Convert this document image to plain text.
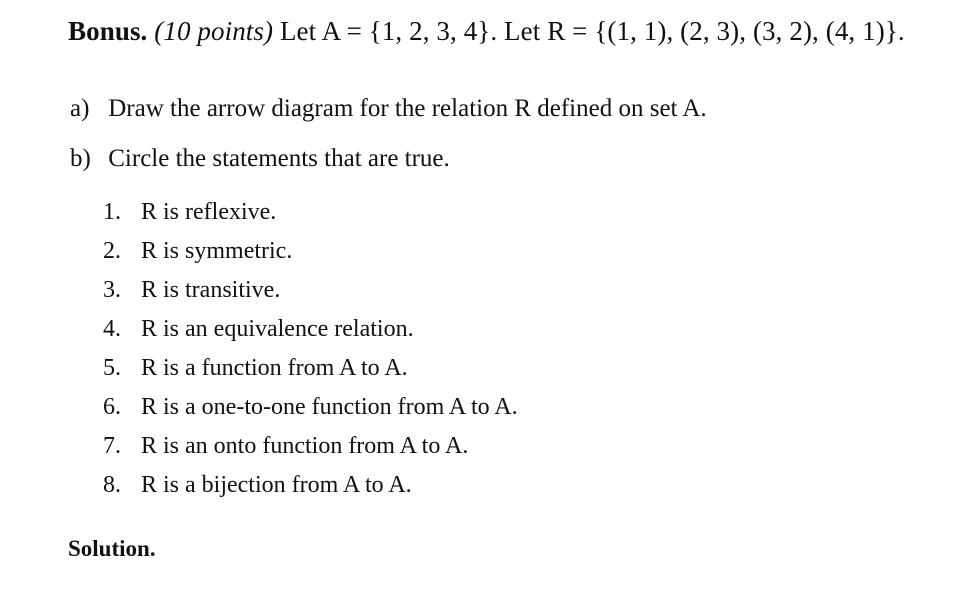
Bonus. (10 points) Let A = {1, 2, 3, 4}. Let R = {(1, 1), (2, 3), (3, 2), (4, 1)}.
a) Draw the arrow diagram for the relation R defined on set A.
b) Circle the statements that are true.
1. R is reflexive.
2. R is symmetric.
3. R is transitive.
4. R is an equivalence relation.
5. R is a function from A to A.
6. R is a one-to-one function from A to A.
7. R is an onto function from A to A.
8. R is a bijection from A to A.
Solution.
